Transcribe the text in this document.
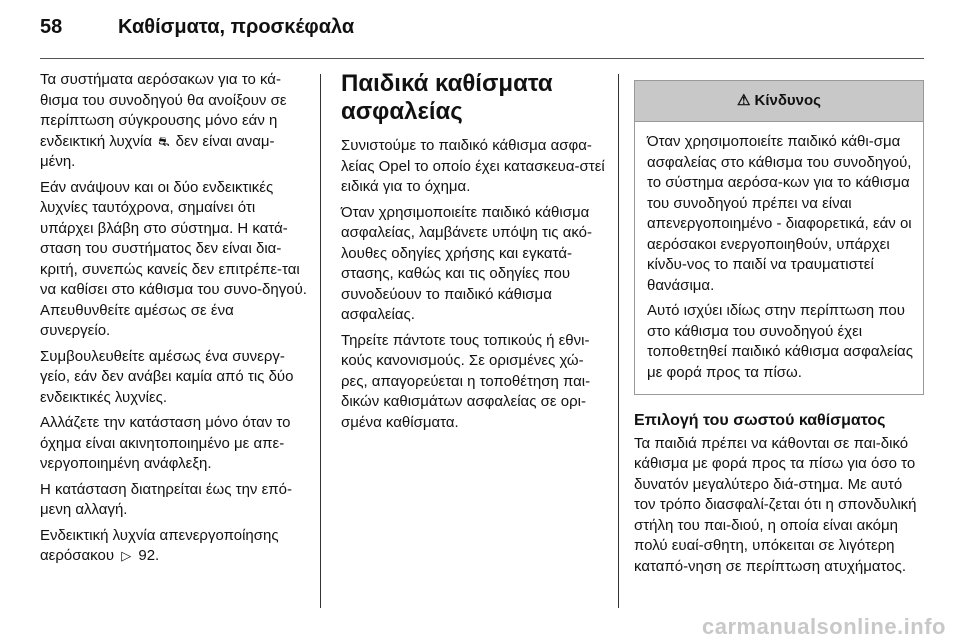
58	Καθίσματα, προσκέφαλα

Τα συστήματα αερόσακων για το κά-θισμα του συνοδηγού θα ανοίξουν σε περίπτωση σύγκρουσης μόνο εάν η ενδεικτική λυχνία ⛐ δεν είναι αναμ-μένη.

Εάν ανάψουν και οι δύο ενδεικτικές λυχνίες ταυτόχρονα, σημαίνει ότι υπάρχει βλάβη στο σύστημα. Η κατά-σταση του συστήματος δεν είναι δια-κριτή, συνεπώς κανείς δεν επιτρέπε-ται να καθίσει στο κάθισμα του συνο-δηγού. Απευθυνθείτε αμέσως σε ένα συνεργείο.

Συμβουλευθείτε αμέσως ένα συνεργ-γείο, εάν δεν ανάβει καμία από τις δύο ενδεικτικές λυχνίες.

Αλλάζετε την κατάσταση μόνο όταν το όχημα είναι ακινητοποιημένο με απε-νεργοποιημένη ανάφλεξη.

Η κατάσταση διατηρείται έως την επό-μενη αλλαγή.

Ενδεικτική λυχνία απενεργοποίησης αερόσακου ▷ 92.

Παιδικά καθίσματα ασφαλείας

Συνιστούμε το παιδικό κάθισμα ασφα-λείας Opel το οποίο έχει κατασκευα-στεί ειδικά για το όχημα.

Όταν χρησιμοποιείτε παιδικό κάθισμα ασφαλείας, λαμβάνετε υπόψη τις ακό-λουθες οδηγίες χρήσης και εγκατά-στασης, καθώς και τις οδηγίες που συνοδεύουν το παιδικό κάθισμα ασφαλείας.

Τηρείτε πάντοτε τους τοπικούς ή εθνι-κούς κανονισμούς. Σε ορισμένες χώ-ρες, απαγορεύεται η τοποθέτηση παι-δικών καθισμάτων ασφαλείας σε ορι-σμένα καθίσματα.

⚠ Κίνδυνος

Όταν χρησιμοποιείτε παιδικό κάθι-σμα ασφαλείας στο κάθισμα του συνοδηγού, το σύστημα αερόσα-κων για το κάθισμα του συνοδηγού πρέπει να είναι απενεργοποιημένο - διαφορετικά, εάν οι αερόσακοι ενεργοποιηθούν, υπάρχει κίνδυ-νος το παιδί να τραυματιστεί θανάσιμα.

Αυτό ισχύει ιδίως στην περίπτωση που στο κάθισμα του συνοδηγού έχει τοποθετηθεί παιδικό κάθισμα ασφαλείας με φορά προς τα πίσω.

Επιλογή του σωστού καθίσματος

Τα παιδιά πρέπει να κάθονται σε παι-δικό κάθισμα με φορά προς τα πίσω για όσο το δυνατόν μεγαλύτερο διά-στημα. Με αυτό τον τρόπο διασφαλί-ζεται ότι η σπονδυλική στήλη του παι-διού, η οποία είναι ακόμη πολύ ευαί-σθητη, υπόκειται σε λιγότερη καταπό-νηση σε περίπτωση ατυχήματος.

carmanualsonline.info
